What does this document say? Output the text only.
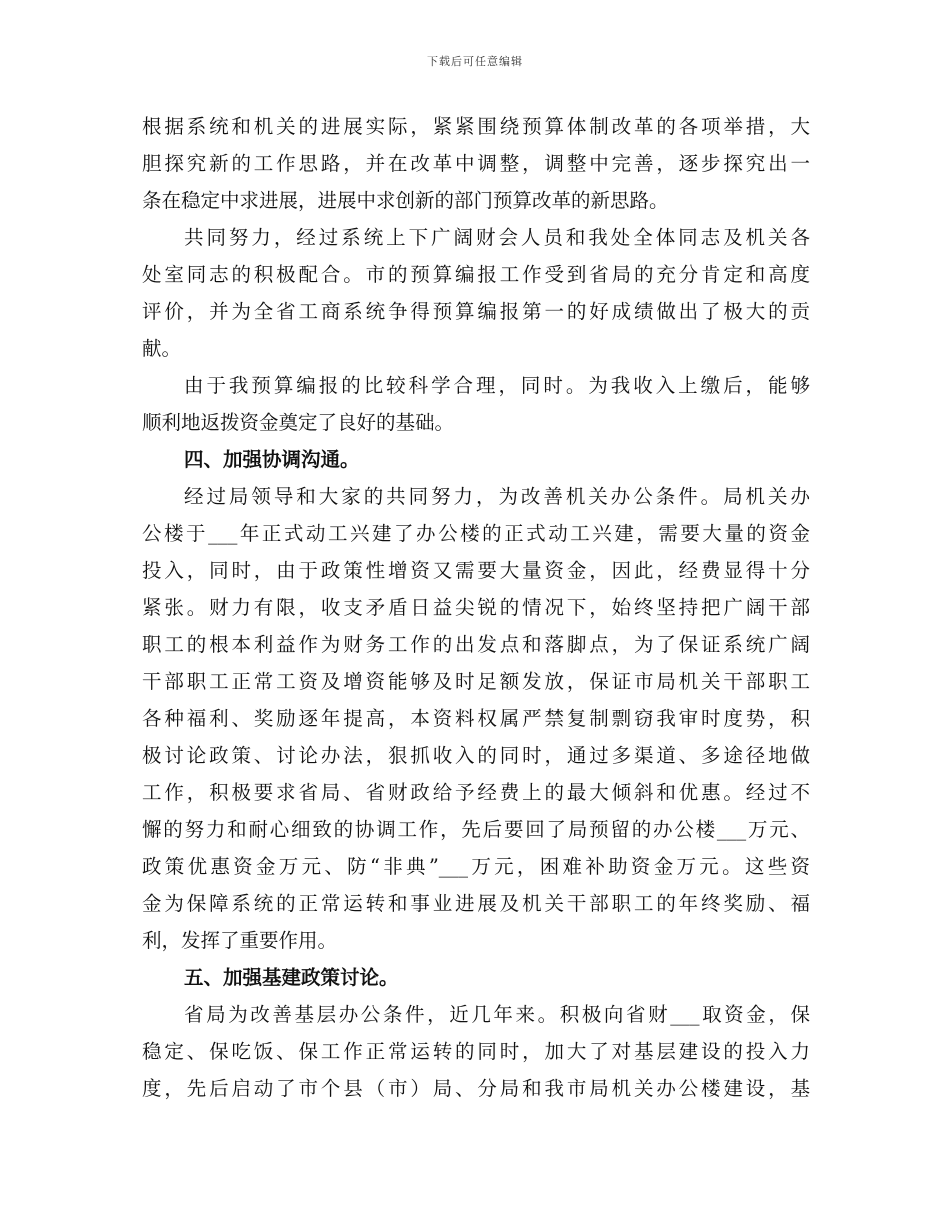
下载后可任意编辑
根据系统和机关的进展实际，紧紧围绕预算体制改革的各项举措，大
胆探究新的工作思路，并在改革中调整，调整中完善，逐步探究出一
条在稳定中求进展，进展中求创新的部门预算改革的新思路。
共同努力，经过系统上下广阔财会人员和我处全体同志及机关各
处室同志的积极配合。市的预算编报工作受到省局的充分肯定和高度
评价，并为全省工商系统争得预算编报第一的好成绩做出了极大的贡
献。
由于我预算编报的比较科学合理，同时。为我收入上缴后，能够
顺利地返拨资金奠定了良好的基础。
四、加强协调沟通。
经过局领导和大家的共同努力，为改善机关办公条件。局机关办
公楼于___年正式动工兴建了办公楼的正式动工兴建，需要大量的资金
投入，同时，由于政策性增资又需要大量资金，因此，经费显得十分
紧张。财力有限，收支矛盾日益尖锐的情况下，始终坚持把广阔干部
职工的根本利益作为财务工作的出发点和落脚点，为了保证系统广阔
干部职工正常工资及增资能够及时足额发放，保证市局机关干部职工
各种福利、奖励逐年提高，本资料权属严禁复制剽窃我审时度势，积
极讨论政策、讨论办法，狠抓收入的同时，通过多渠道、多途径地做
工作，积极要求省局、省财政给予经费上的最大倾斜和优惠。经过不
懈的努力和耐心细致的协调工作，先后要回了局预留的办公楼___万元、
政策优惠资金万元、防“非典”___万元，困难补助资金万元。这些资
金为保障系统的正常运转和事业进展及机关干部职工的年终奖励、福
利，发挥了重要作用。
五、加强基建政策讨论。
省局为改善基层办公条件，近几年来。积极向省财___取资金，保
稳定、保吃饭、保工作正常运转的同时，加大了对基层建设的投入力
度，先后启动了市个县（市）局、分局和我市局机关办公楼建设，基
